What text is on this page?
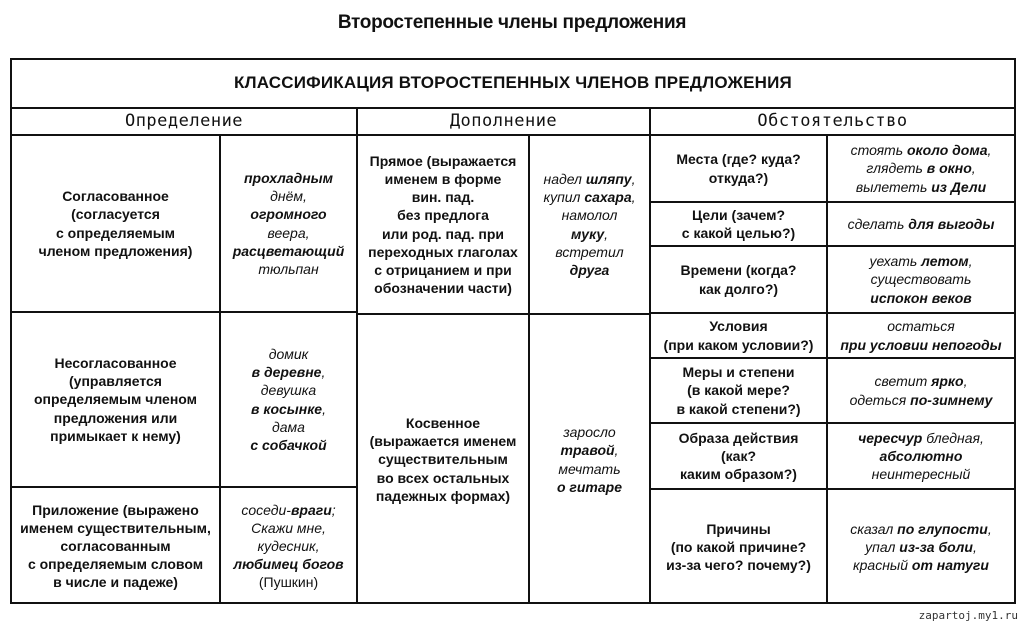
Второстепенные члены предложения
КЛАССИФИКАЦИЯ ВТОРОСТЕПЕННЫХ ЧЛЕНОВ ПРЕДЛОЖЕНИЯ
Определение	Дополнение	Обстоятельство
Согласованное
(согласуется
с определяемым
членом предложения)
прохладным
днём,
огромного
веера,
расцветающий
тюльпан
Несогласованное
(управляется
определяемым членом
предложения или
примыкает к нему)
домик
в деревне,
девушка
в косынке,
дама
с собачкой
Приложение (выражено
именем существительным,
согласованным
с определяемым словом
в числе и падеже)
соседи-враги;
Скажи мне,
кудесник,
любимец богов
(Пушкин)
Прямое (выражается
именем в форме
вин. пад.
без предлога
или род. пад. при
переходных глаголах
с отрицанием и при
обозначении части)
надел шляпу,
купил сахара,
намолол
муку,
встретил
друга
Косвенное
(выражается именем
существительным
во всех остальных
падежных формах)
заросло
травой,
мечтать
о гитаре
Места (где? куда?
откуда?)
стоять около дома,
глядеть в окно,
вылететь из Дели
Цели (зачем?
с какой целью?)
сделать для выгоды
Времени (когда?
как долго?)
уехать летом,
существовать
испокон веков
Условия
(при каком условии?)
остаться
при условии непогоды
Меры и степени
(в какой мере?
в какой степени?)
светит ярко,
одеться по-зимнему
Образа действия
(как?
каким образом?)
чересчур бледная,
абсолютно
неинтересный
Причины
(по какой причине?
из-за чего? почему?)
сказал по глупости,
упал из-за боли,
красный от натуги
zapartoj.my1.ru
